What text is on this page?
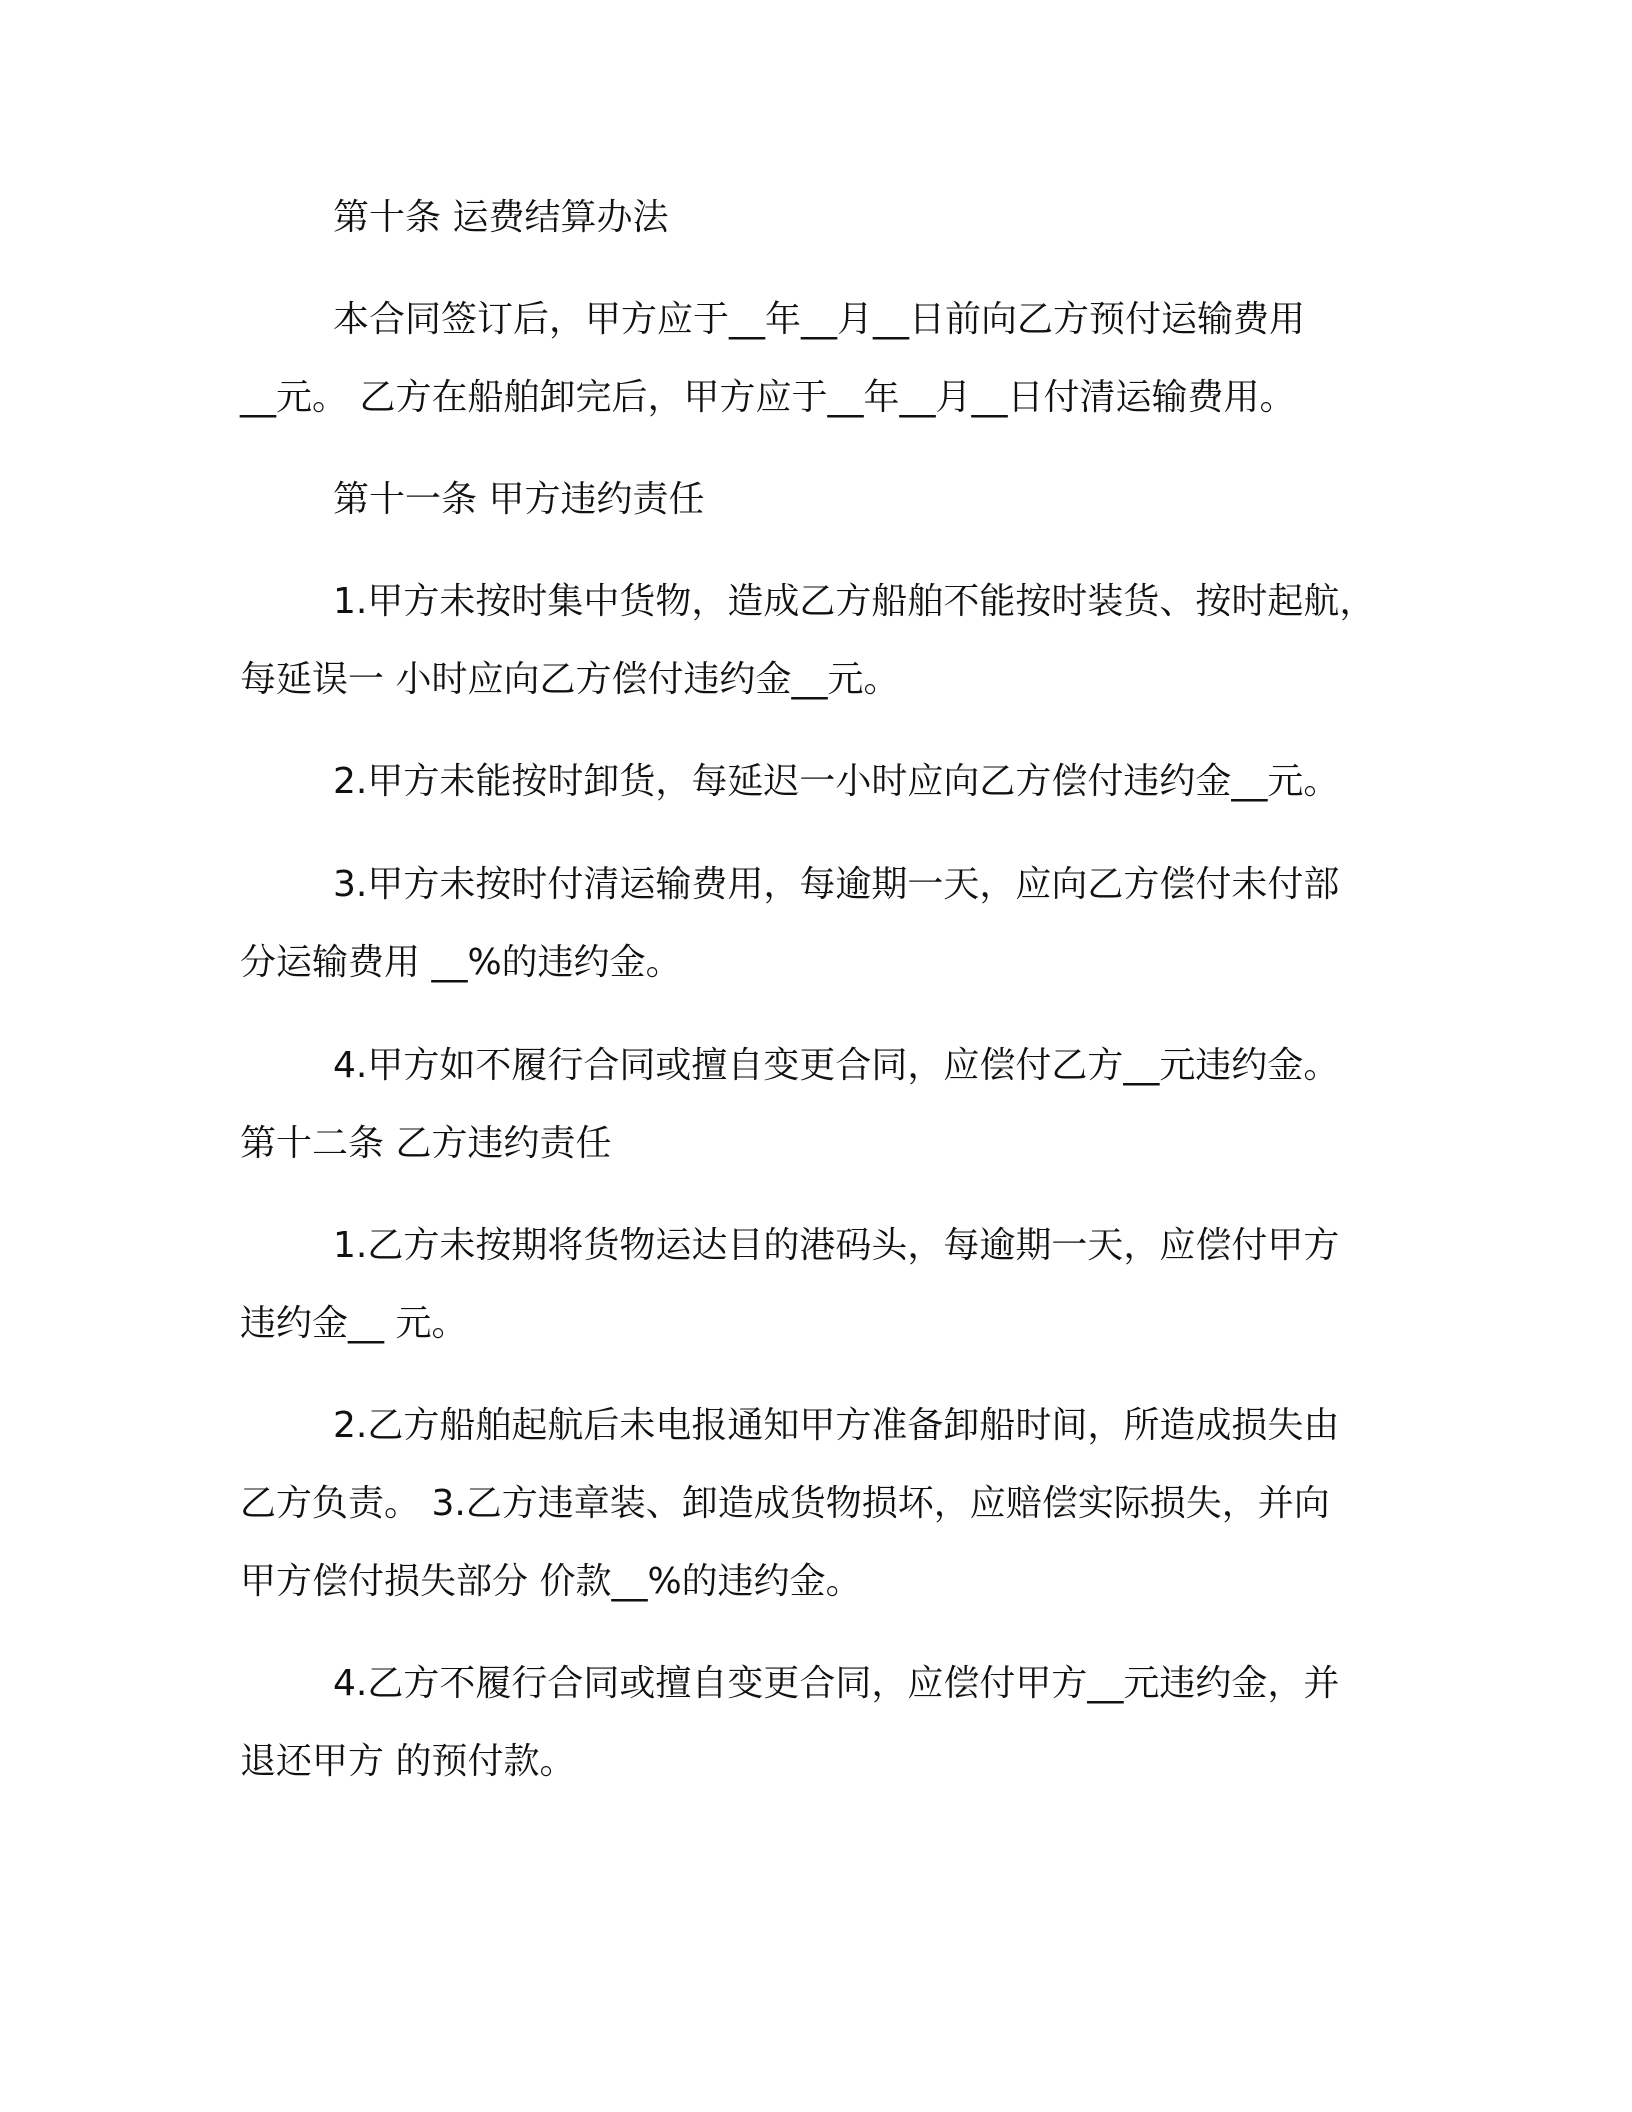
第十条 运费结算办法
本合同签订后，甲方应于__年__月__日前向乙方预付运输费用
__元。 乙方在船舶卸完后，甲方应于__年__月__日付清运输费用。
第十一条 甲方违约责任
1.甲方未按时集中货物，造成乙方船舶不能按时装货、按时起航，
每延误一 小时应向乙方偿付违约金__元。
2.甲方未能按时卸货，每延迟一小时应向乙方偿付违约金__元。
3.甲方未按时付清运输费用，每逾期一天，应向乙方偿付未付部
分运输费用 __%的违约金。
4.甲方如不履行合同或擅自变更合同，应偿付乙方__元违约金。
第十二条 乙方违约责任
1.乙方未按期将货物运达目的港码头，每逾期一天，应偿付甲方
违约金__ 元。
2.乙方船舶起航后未电报通知甲方准备卸船时间，所造成损失由
乙方负责。 3.乙方违章装、卸造成货物损坏，应赔偿实际损失，并向
甲方偿付损失部分 价款__%的违约金。
4.乙方不履行合同或擅自变更合同，应偿付甲方__元违约金，并
退还甲方 的预付款。
